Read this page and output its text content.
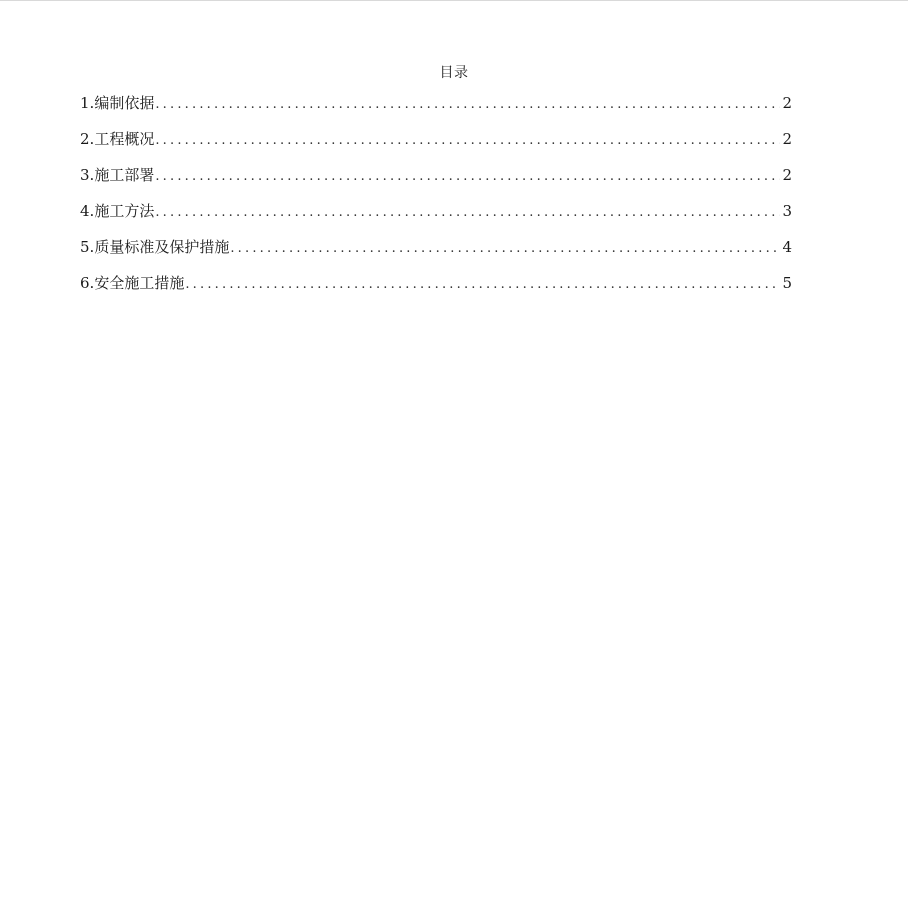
目录
1. 编制依据 .....	2
2. 工程概况 .....	2
3. 施工部署 .....	2
4. 施工方法 .....	3
5. 质量标准及保护措施 .....	4
6. 安全施工措施 .....	5
